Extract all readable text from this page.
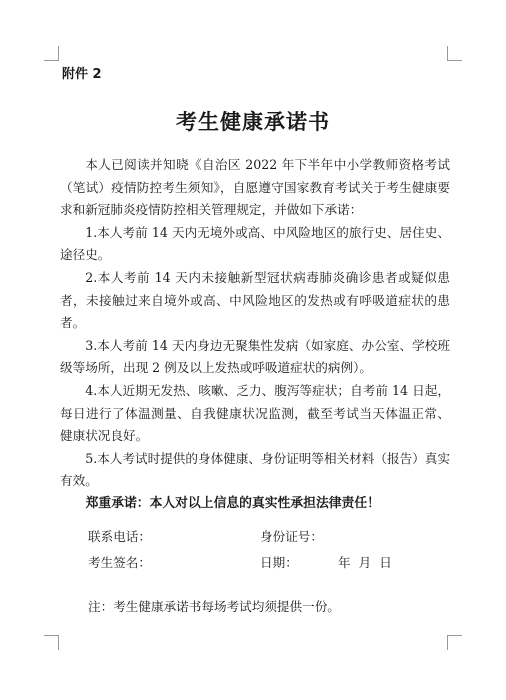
附件 2
考生健康承诺书

本人已阅读并知晓《自治区 2022 年下半年中小学教师资格考试（笔试）疫情防控考生须知》，自愿遵守国家教育考试关于考生健康要求和新冠肺炎疫情防控相关管理规定，并做如下承诺：

1.本人考前 14 天内无境外或高、中风险地区的旅行史、居住史、途径史。

2.本人考前 14 天内未接触新型冠状病毒肺炎确诊患者或疑似患者，未接触过来自境外或高、中风险地区的发热或有呼吸道症状的患者。

3.本人考前 14 天内身边无聚集性发病（如家庭、办公室、学校班级等场所，出现 2 例及以上发热或呼吸道症状的病例）。

4.本人近期无发热、咳嗽、乏力、腹泻等症状；自考前 14 日起，每日进行了体温测量、自我健康状况监测，截至考试当天体温正常、健康状况良好。

5.本人考试时提供的身体健康、身份证明等相关材料（报告）真实有效。

郑重承诺：本人对以上信息的真实性承担法律责任！

联系电话：	身份证号：
考生签名：	日期：	年 月 日
注：考生健康承诺书每场考试均须提供一份。
